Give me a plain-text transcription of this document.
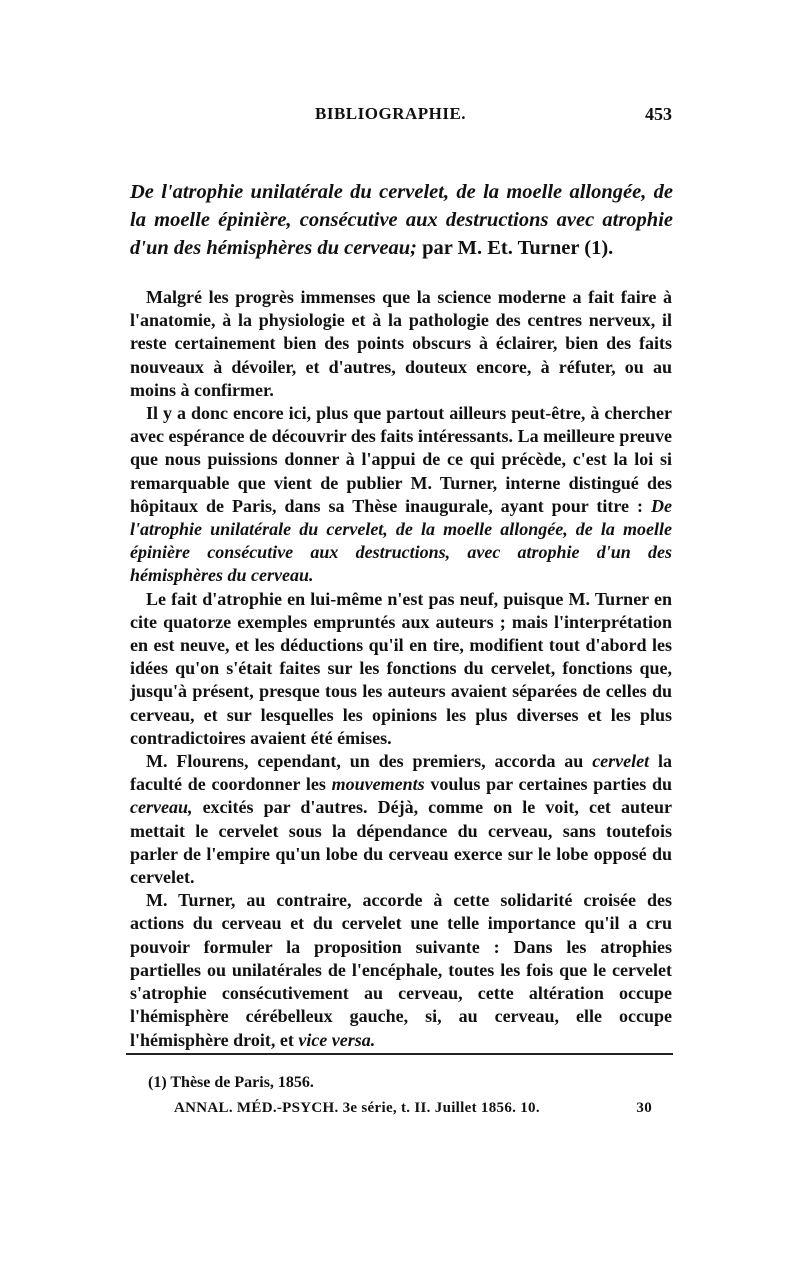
BIBLIOGRAPHIE.	453
De l'atrophie unilatérale du cervelet, de la moelle allongée, de la moelle épinière, consécutive aux destructions avec atrophie d'un des hémisphères du cerveau; par M. Et. Turner (1).

Malgré les progrès immenses que la science moderne a fait faire à l'anatomie, à la physiologie et à la pathologie des centres nerveux, il reste certainement bien des points obscurs à éclairer, bien des faits nouveaux à dévoiler, et d'autres, douteux encore, à réfuter, ou au moins à confirmer.

Il y a donc encore ici, plus que partout ailleurs peut-être, à chercher avec espérance de découvrir des faits intéressants. La meilleure preuve que nous puissions donner à l'appui de ce qui précède, c'est la loi si remarquable que vient de publier M. Turner, interne distingué des hôpitaux de Paris, dans sa Thèse inaugurale, ayant pour titre : De l'atrophie unilatérale du cervelet, de la moelle allongée, de la moelle épinière consécutive aux destructions, avec atrophie d'un des hémisphères du cerveau.

Le fait d'atrophie en lui-même n'est pas neuf, puisque M. Turner en cite quatorze exemples empruntés aux auteurs ; mais l'interprétation en est neuve, et les déductions qu'il en tire, modifient tout d'abord les idées qu'on s'était faites sur les fonctions du cervelet, fonctions que, jusqu'à présent, presque tous les auteurs avaient séparées de celles du cerveau, et sur lesquelles les opinions les plus diverses et les plus contradictoires avaient été émises.

M. Flourens, cependant, un des premiers, accorda au cervelet la faculté de coordonner les mouvements voulus par certaines parties du cerveau, excités par d'autres. Déjà, comme on le voit, cet auteur mettait le cervelet sous la dépendance du cerveau, sans toutefois parler de l'empire qu'un lobe du cerveau exerce sur le lobe opposé du cervelet.

M. Turner, au contraire, accorde à cette solidarité croisée des actions du cerveau et du cervelet une telle importance qu'il a cru pouvoir formuler la proposition suivante : Dans les atrophies partielles ou unilatérales de l'encéphale, toutes les fois que le cervelet s'atrophie consécutivement au cerveau, cette altération occupe l'hémisphère cérébelleux gauche, si, au cerveau, elle occupe l'hémisphère droit, et vice versa.

(1) Thèse de Paris, 1856.
ANNAL. MÉD.-PSYCH. 3e série, t. II. Juillet 1856. 10.	30
